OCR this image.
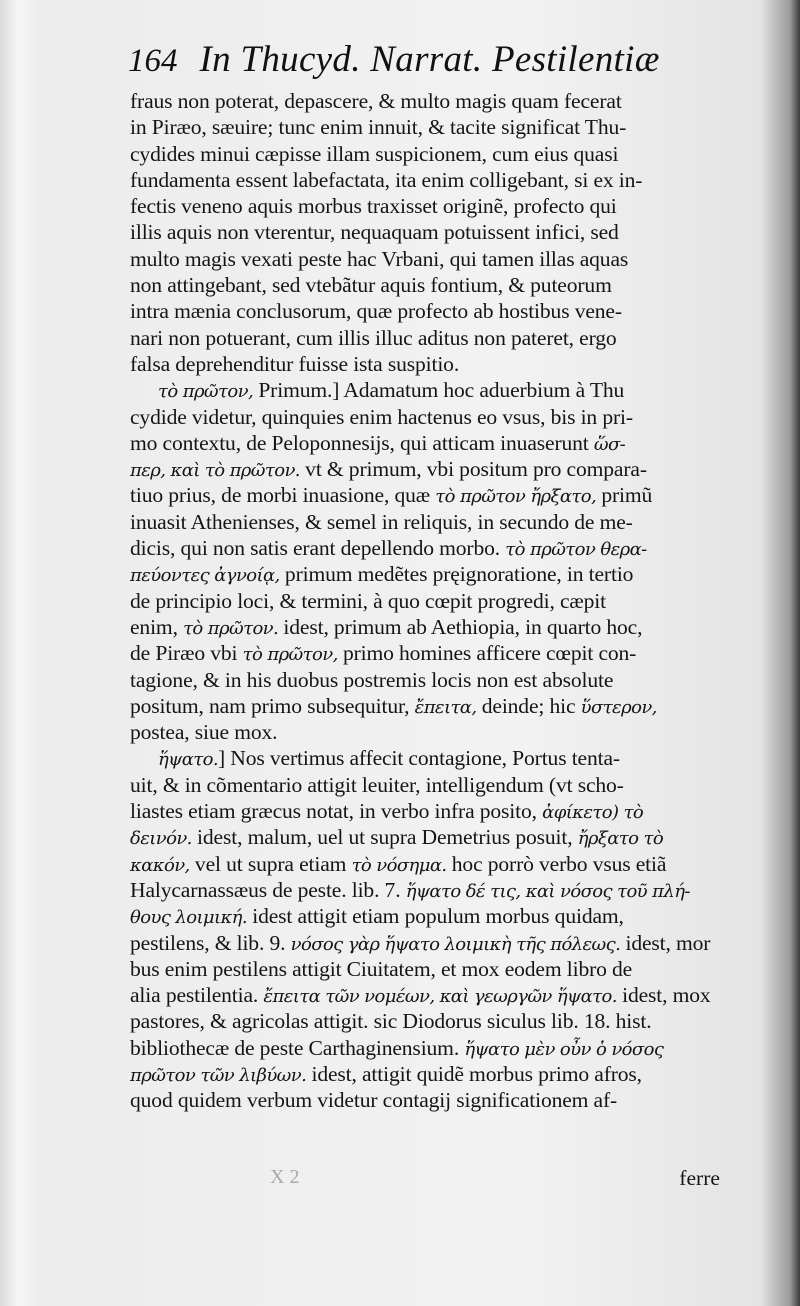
164 In Thucyd. Narrat. Pestilentiæ
fraus non poterat, depascere, & multo magis quam fecerat
in Piræo, sæuire; tunc enim innuit, & tacite significat Thu-
cydides minui cæpisse illam suspicionem, cum eius quasi
fundamenta essent labefactata, ita enim colligebant, si ex in-
fectis veneno aquis morbus traxisset originẽ, profecto qui
illis aquis non vterentur, nequaquam potuissent infici, sed
multo magis vexati peste hac Vrbani, qui tamen illas aquas
non attingebant, sed vtebãtur aquis fontium, & puteorum
intra mænia conclusorum, quæ profecto ab hostibus vene-
nari non potuerant, cum illis illuc aditus non pateret, ergo
falsa deprehenditur fuisse ista suspitio.
τὸ πρῶτον, Primum.] Adamatum hoc aduerbium à Thu
cydide videtur, quinquies enim hactenus eo vsus, bis in pri-
mo contextu, de Peloponnesijs, qui atticam inuaserunt ὥσ-
περ, καὶ τὸ πρῶτον. vt & primum, vbi positum pro compara-
tiuo prius, de morbi inuasione, quæ τὸ πρῶτον ἤρξατο, primũ
inuasit Athenienses, & semel in reliquis, in secundo de me-
dicis, qui non satis erant depellendo morbo. τὸ πρῶτον θερα-
πεύοντες ἀγνοίᾳ, primum medẽtes pręignoratione, in tertio
de principio loci, & termini, à quo cœpit progredi, cæpit
enim, τὸ πρῶτον. idest, primum ab Aethiopia, in quarto hoc,
de Piræo vbi τὸ πρῶτον, primo homines afficere cœpit con-
tagione, & in his duobus postremis locis non est absolute
positum, nam primo subsequitur, ἔπειτα, deinde; hic ὕστερον,
postea, siue mox.
ἥψατο.] Nos vertimus affecit contagione, Portus tenta-
uit, & in cõmentario attigit leuiter, intelligendum (vt scho-
liastes etiam græcus notat, in verbo infra posito, ἀφίκετο) τὸ
δεινόν. idest, malum, uel ut supra Demetrius posuit, ἤρξατο τὸ
κακόν, vel ut supra etiam τὸ νόσημα. hoc porrò verbo vsus etiã
Halycarnassæus de peste. lib. 7. ἥψατο δέ τις, καὶ νόσος τοῦ πλή-
θους λοιμική. idest attigit etiam populum morbus quidam,
pestilens, & lib. 9. νόσος γὰρ ἥψατο λοιμικὴ τῆς πόλεως. idest, mor
bus enim pestilens attigit Ciuitatem, et mox eodem libro de
alia pestilentia. ἔπειτα τῶν νομέων, καὶ γεωργῶν ἥψατο. idest, mox
pastores, & agricolas attigit. sic Diodorus siculus lib. 18. hist.
bibliothecæ de peste Carthaginensium. ἥψατο μὲν οὖν ὁ νόσος
πρῶτον τῶν λιβύων. idest, attigit quidẽ morbus primo afros,
quod quidem verbum videtur contagij significationem af-
X 2	ferre
